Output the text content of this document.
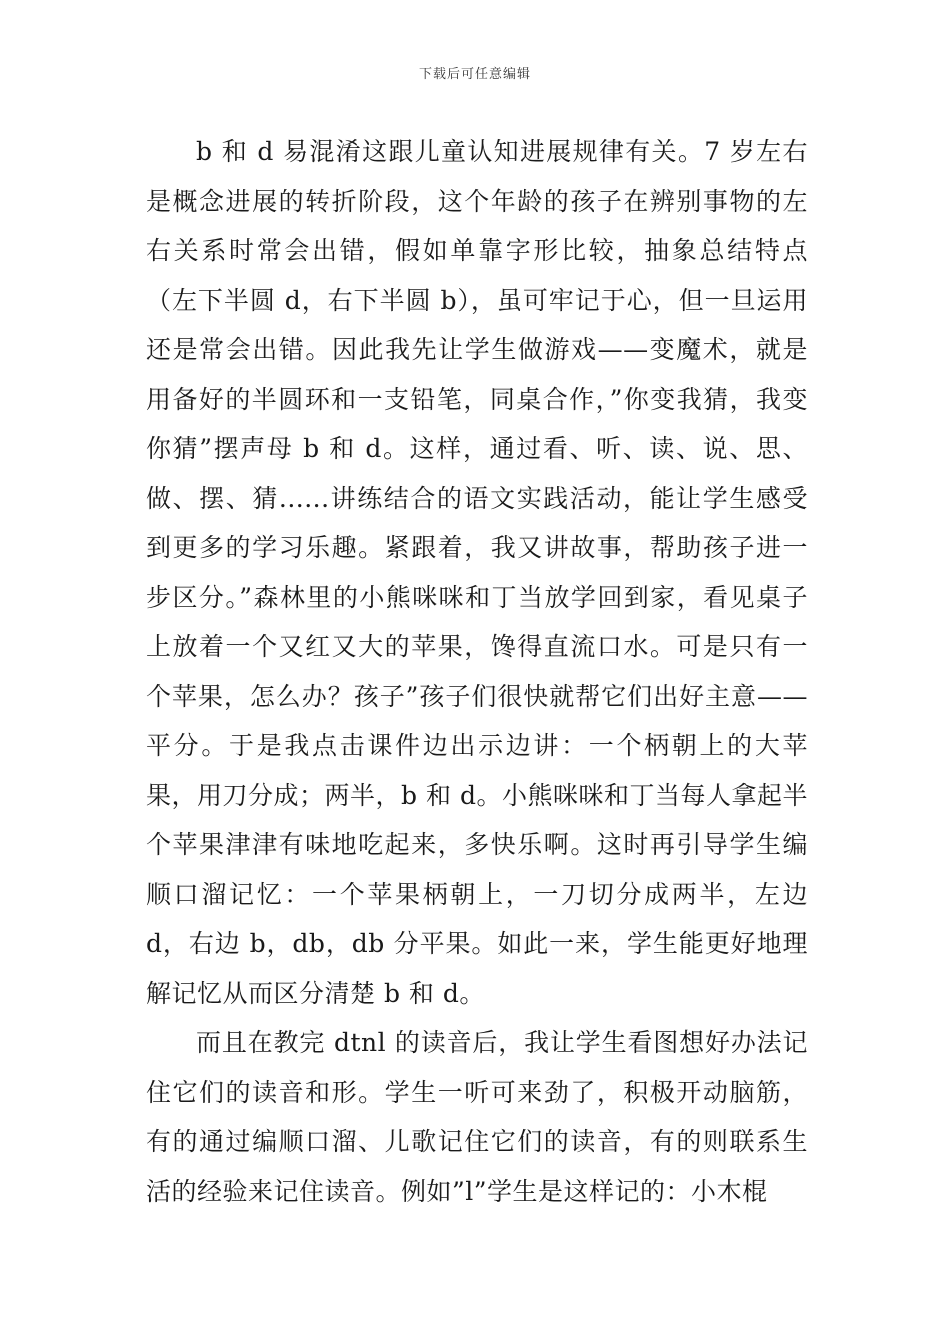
下载后可任意编辑

b 和 d 易混淆这跟儿童认知进展规律有关。7 岁左右是概念进展的转折阶段，这个年龄的孩子在辨别事物的左右关系时常会出错，假如单靠字形比较，抽象总结特点（左下半圆 d，右下半圆 b），虽可牢记于心，但一旦运用还是常会出错。因此我先让学生做游戏——变魔术，就是用备好的半圆环和一支铅笔，同桌合作，”你变我猜，我变你猜”摆声母 b 和 d。这样，通过看、听、读、说、思、做、摆、猜......讲练结合的语文实践活动，能让学生感受到更多的学习乐趣。紧跟着，我又讲故事，帮助孩子进一步区分。”森林里的小熊咪咪和丁当放学回到家，看见桌子上放着一个又红又大的苹果，馋得直流口水。可是只有一个苹果，怎么办？孩子”孩子们很快就帮它们出好主意——平分。于是我点击课件边出示边讲：一个柄朝上的大苹果，用刀分成；两半，b 和 d。小熊咪咪和丁当每人拿起半个苹果津津有味地吃起来，多快乐啊。这时再引导学生编顺口溜记忆：一个苹果柄朝上，一刀切分成两半，左边 d，右边 b，db，db 分平果。如此一来，学生能更好地理解记忆从而区分清楚 b 和 d。

而且在教完 dtnl 的读音后，我让学生看图想好办法记住它们的读音和形。学生一听可来劲了，积极开动脑筋，有的通过编顺口溜、儿歌记住它们的读音，有的则联系生活的经验来记住读音。例如”l”学生是这样记的：小木棍
